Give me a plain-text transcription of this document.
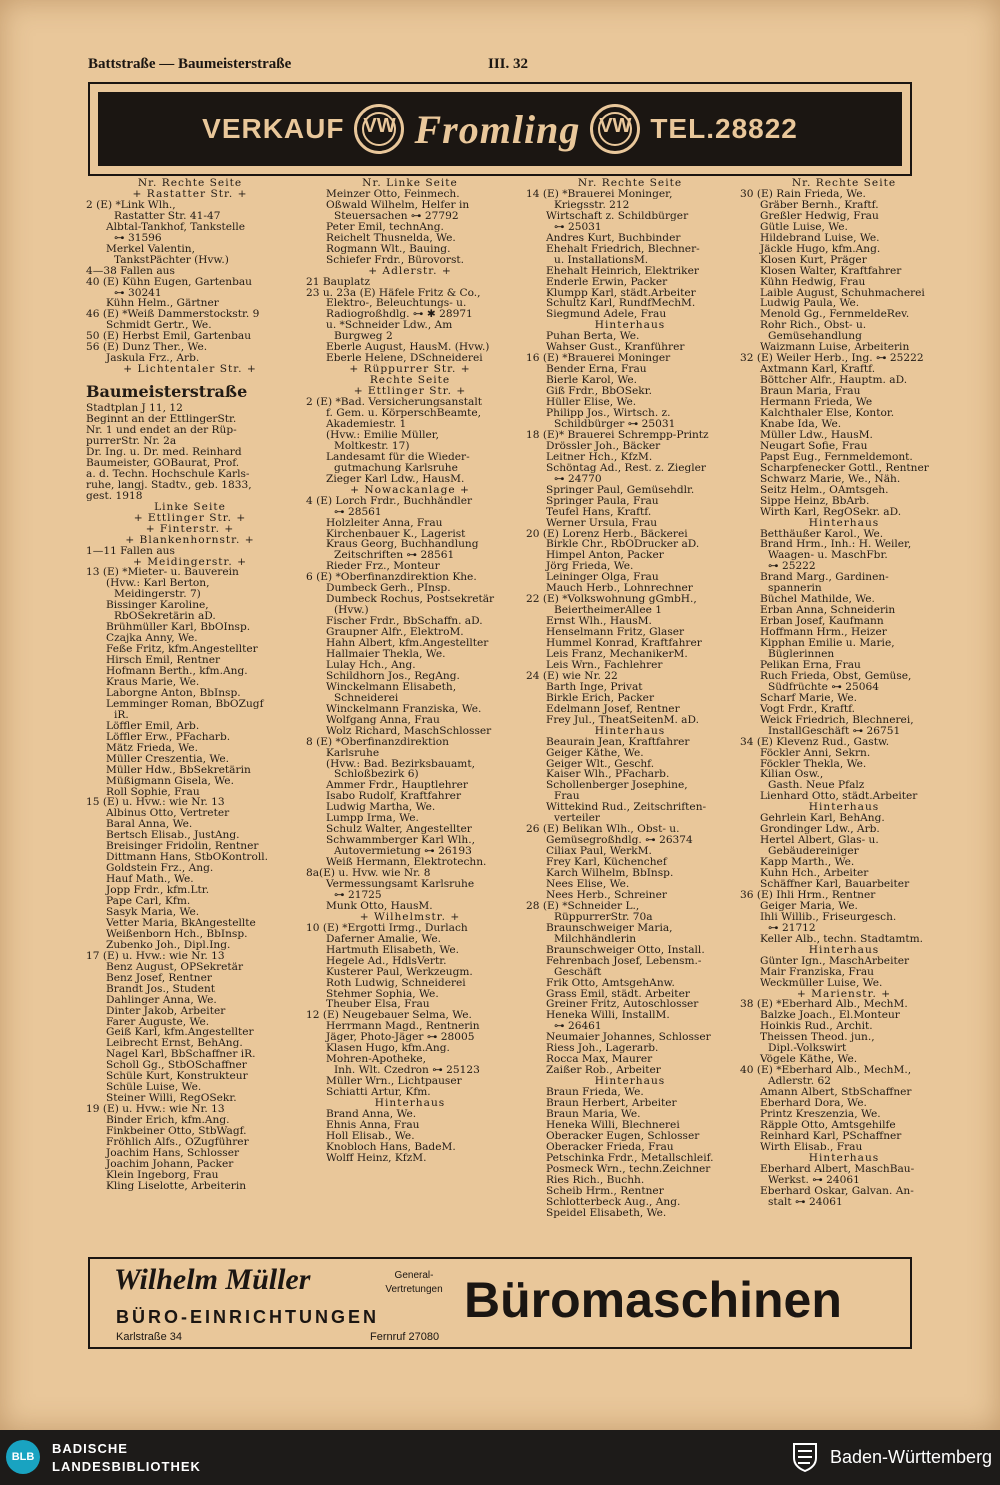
Battstraße — Baumeisterstraße	III. 32
VERKAUF VW Fromling VW TEL.28822
Nr. Rechte Seite
+ Rastatter Str. +
2 (E) *Link Wlh.,
Rastatter Str. 41-47
Albtal-Tankhof, Tankstelle
⊶ 31596
Merkel Valentin,
TankstPächter (Hvw.)
4—38 Fallen aus
40 (E) Kühn Eugen, Gartenbau
⊶ 30241
Kühn Helm., Gärtner
46 (E) *Weiß Dammerstockstr. 9
Schmidt Gertr., We.
50 (E) Herbst Emil, Gartenbau
56 (E) Dunz Ther., We.
Jaskula Frz., Arb.
+ Lichtentaler Str. +
Baumeisterstraße
Stadtplan J 11, 12
Beginnt an der EttlingerStr.
Nr. 1 und endet an der Rüp-
purrerStr. Nr. 2a
Dr. Ing. u. Dr. med. Reinhard
Baumeister, GOBaurat, Prof.
a. d. Techn. Hochschule Karls-
ruhe, langj. Stadtv., geb. 1833,
gest. 1918
Linke Seite
+ Ettlinger Str. +
+ Finterstr. +
+ Blankenhornstr. +
1—11 Fallen aus
+ Meidingerstr. +
13 (E) *Mieter- u. Bauverein
(Hvw.: Karl Berton,
Meidingerstr. 7)
Bissinger Karoline,
RbOSekretärin aD.
Brühmüller Karl, BbOInsp.
Czajka Anny, We.
Feße Fritz, kfm.Angestellter
Hirsch Emil, Rentner
Hofmann Berth., kfm.Ang.
Kraus Marie, We.
Laborgne Anton, BbInsp.
Lemminger Roman, BbOZugf
iR.
Löffler Emil, Arb.
Löffler Erw., PFacharb.
Mätz Frieda, We.
Müller Creszentia, We.
Müller Hdw., BbSekretärin
Müßigmann Gisela, We.
Roll Sophie, Frau
15 (E) u. Hvw.: wie Nr. 13
Albinus Otto, Vertreter
Baral Anna, We.
Bertsch Elisab., JustAng.
Breisinger Fridolin, Rentner
Dittmann Hans, StbOKontroll.
Goldstein Frz., Ang.
Hauf Math., We.
Jopp Frdr., kfm.Ltr.
Pape Carl, Kfm.
Sasyk Maria, We.
Vetter Maria, BkAngestellte
Weißenborn Hch., BbInsp.
Zubenko Joh., Dipl.Ing.
17 (E) u. Hvw.: wie Nr. 13
Benz August, OPSekretär
Benz Josef, Rentner
Brandt Jos., Student
Dahlinger Anna, We.
Dinter Jakob, Arbeiter
Farer Auguste, We.
Geiß Karl, kfm.Angestellter
Leibrecht Ernst, BehAng.
Nagel Karl, BbSchaffner iR.
Scholl Gg., StbOSchaffner
Schüle Kurt, Konstrukteur
Schüle Luise, We.
Steiner Willi, RegOSekr.
19 (E) u. Hvw.: wie Nr. 13
Binder Erich, kfm.Ang.
Finkbeiner Otto, StbWagf.
Fröhlich Alfs., OZugführer
Joachim Hans, Schlosser
Joachim Johann, Packer
Klein Ingeborg, Frau
Kling Liselotte, Arbeiterin
Nr. Linke Seite
Meinzer Otto, Feinmech.
Oßwald Wilhelm, Helfer in
Steuersachen ⊶ 27792
Peter Emil, technAng.
Reichelt Thusnelda, We.
Rogmann Wlt., Bauing.
Schiefer Frdr., Bürovorst.
+ Adlerstr. +
21 Bauplatz
23 u. 23a (E) Häfele Fritz & Co.,
Elektro-, Beleuchtungs- u.
Radiogroßhdlg. ⊶ ✱ 28971
u. *Schneider Ldw., Am
Burgweg 2
Eberle August, HausM. (Hvw.)
Eberle Helene, DSchneiderei
+ Rüppurrer Str. +
Rechte Seite
+ Ettlinger Str. +
2 (E) *Bad. Versicherungsanstalt
f. Gem. u. KörperschBeamte,
Akademiestr. 1
(Hvw.: Emilie Müller,
Moltkestr. 17)
Landesamt für die Wieder-
gutmachung Karlsruhe
Zieger Karl Ldw., HausM.
+ Nowackanlage +
4 (E) Lorch Frdr., Buchhändler
⊶ 28561
Holzleiter Anna, Frau
Kirchenbauer K., Lagerist
Kraus Georg, Buchhandlung
Zeitschriften ⊶ 28561
Rieder Frz., Monteur
6 (E) *Oberfinanzdirektion Khe.
Dumbeck Gerh., PInsp.
Dumbeck Rochus, Postsekretär
(Hvw.)
Fischer Frdr., BbSchaffn. aD.
Graupner Alfr., ElektroM.
Hahn Albert, kfm.Angestellter
Hallmaier Thekla, We.
Lulay Hch., Ang.
Schildhorn Jos., RegAng.
Winckelmann Elisabeth,
Schneiderei
Winckelmann Franziska, We.
Wolfgang Anna, Frau
Wolz Richard, MaschSchlosser
8 (E) *Oberfinanzdirektion
Karlsruhe
(Hvw.: Bad. Bezirksbauamt,
Schloßbezirk 6)
Ammer Frdr., Hauptlehrer
Isabo Rudolf, Kraftfahrer
Ludwig Martha, We.
Lumpp Irma, We.
Schulz Walter, Angestellter
Schwammberger Karl Wlh.,
Autovermietung ⊶ 26193
Weiß Hermann, Elektrotechn.
8a(E) u. Hvw. wie Nr. 8
Vermessungsamt Karlsruhe
⊶ 21725
Munk Otto, HausM.
+ Wilhelmstr. +
10 (E) *Ergotti Irmg., Durlach
Daferner Amalie, We.
Hartmuth Elisabeth, We.
Hegele Ad., HdlsVertr.
Kusterer Paul, Werkzeugm.
Roth Ludwig, Schneiderei
Stehmer Sophia, We.
Theuber Elsa, Frau
12 (E) Neugebauer Selma, We.
Herrmann Magd., Rentnerin
Jäger, Photo-Jäger ⊶ 28005
Klasen Hugo, kfm.Ang.
Mohren-Apotheke,
Inh. Wlt. Czedron ⊶ 25123
Müller Wrn., Lichtpauser
Schiatti Artur, Kfm.
Hinterhaus
Brand Anna, We.
Ehnis Anna, Frau
Holl Elisab., We.
Knobloch Hans, BadeM.
Wolff Heinz, KfzM.
Nr. Rechte Seite
14 (E) *Brauerei Moninger,
Kriegsstr. 212
Wirtschaft z. Schildbürger
⊶ 25031
Andres Kurt, Buchbinder
Ehehalt Friedrich, Blechner-
u. InstallationsM.
Ehehalt Heinrich, Elektriker
Enderle Erwin, Packer
Klumpp Karl, städt.Arbeiter
Schultz Karl, RundfMechM.
Siegmund Adele, Frau
Hinterhaus
Puhan Berta, We.
Wahser Gust., Kranführer
16 (E) *Brauerei Moninger
Bender Erna, Frau
Bierle Karol, We.
Giß Frdr., BbOSekr.
Hüller Elise, We.
Philipp Jos., Wirtsch. z.
Schildbürger ⊶ 25031
18 (E)* Brauerei Schrempp-Printz
Drössler Joh., Bäcker
Leitner Hch., KfzM.
Schöntag Ad., Rest. z. Ziegler
⊶ 24770
Springer Paul, Gemüsehdlr.
Springer Paula, Frau
Teufel Hans, Kraftf.
Werner Ursula, Frau
20 (E) Lorenz Herb., Bäckerei
Birkle Chr., RbODrucker aD.
Himpel Anton, Packer
Jörg Frieda, We.
Leininger Olga, Frau
Mauch Herb., Lohnrechner
22 (E) *Volkswohnung gGmbH.,
BeiertheimerAllee 1
Ernst Wlh., HausM.
Henselmann Fritz, Glaser
Hummel Konrad, Kraftfahrer
Leis Franz, MechanikerM.
Leis Wrn., Fachlehrer
24 (E) wie Nr. 22
Barth Inge, Privat
Birkle Erich, Packer
Edelmann Josef, Rentner
Frey Jul., TheatSeitenM. aD.
Hinterhaus
Beaurain Jean, Kraftfahrer
Geiger Käthe, We.
Geiger Wlt., Geschf.
Kaiser Wlh., PFacharb.
Schollenberger Josephine,
Frau
Wittekind Rud., Zeitschriften-
verteiler
26 (E) Belikan Wlh., Obst- u.
Gemüsegroßhdlg. ⊶ 26374
Ciliax Paul, WerkM.
Frey Karl, Küchenchef
Karch Wilhelm, BbInsp.
Nees Elise, We.
Nees Herb., Schreiner
28 (E) *Schneider L.,
RüppurrerStr. 70a
Braunschweiger Maria,
Milchhändlerin
Braunschweiger Otto, Install.
Fehrenbach Josef, Lebensm.-
Geschäft
Frik Otto, AmtsgehAnw.
Grass Emil, städt. Arbeiter
Greiner Fritz, Autoschlosser
Heneka Willi, InstallM.
⊶ 26461
Neumaier Johannes, Schlosser
Riess Joh., Lagerarb.
Rocca Max, Maurer
Zaißer Rob., Arbeiter
Hinterhaus
Braun Frieda, We.
Braun Herbert, Arbeiter
Braun Maria, We.
Heneka Willi, Blechnerei
Oberacker Eugen, Schlosser
Oberacker Frieda, Frau
Petschinka Frdr., Metallschleif.
Posmeck Wrn., techn.Zeichner
Ries Rich., Buchh.
Scheib Hrm., Rentner
Schlotterbeck Aug., Ang.
Speidel Elisabeth, We.
Nr. Rechte Seite
30 (E) Rain Frieda, We.
Gräber Bernh., Kraftf.
Greßler Hedwig, Frau
Gütle Luise, We.
Hildebrand Luise, We.
Jäckle Hugo, kfm.Ang.
Klosen Kurt, Präger
Klosen Walter, Kraftfahrer
Kühn Hedwig, Frau
Laible August, Schuhmacherei
Ludwig Paula, We.
Menold Gg., FernmeldeRev.
Rohr Rich., Obst- u.
Gemüsehandlung
Waizmann Luise, Arbeiterin
32 (E) Weiler Herb., Ing. ⊶ 25222
Axtmann Karl, Kraftf.
Böttcher Alfr., Hauptm. aD.
Braun Maria, Frau
Hermann Frieda, We
Kalchthaler Else, Kontor.
Knabe Ida, We.
Müller Ldw., HausM.
Neugart Sofie, Frau
Papst Eug., Fernmeldemont.
Scharpfenecker Gottl., Rentner
Schwarz Marie, We., Näh.
Seitz Helm., OAmtsgeh.
Sippe Heinz, BbArb.
Wirth Karl, RegOSekr. aD.
Hinterhaus
Betthäußer Karol., We.
Brand Hrm., Inh.: H. Weiler,
Waagen- u. MaschFbr.
⊶ 25222
Brand Marg., Gardinen-
spannerin
Büchel Mathilde, We.
Erban Anna, Schneiderin
Erban Josef, Kaufmann
Hoffmann Hrm., Heizer
Kipphan Emilie u. Marie,
Büglerinnen
Pelikan Erna, Frau
Ruch Frieda, Obst, Gemüse,
Südfrüchte ⊶ 25064
Scharf Marie, We.
Vogt Frdr., Kraftf.
Weick Friedrich, Blechnerei,
InstallGeschäft ⊶ 26751
34 (E) Klevenz Rud., Gastw.
Föckler Anni, Sekrn.
Föckler Thekla, We.
Kilian Osw.,
Gasth. Neue Pfalz
Lienhard Otto, städt.Arbeiter
Hinterhaus
Gehrlein Karl, BehAng.
Grondinger Ldw., Arb.
Hertel Albert, Glas- u.
Gebäudereiniger
Kapp Marth., We.
Kuhn Hch., Arbeiter
Schäffner Karl, Bauarbeiter
36 (E) Ihli Hrm., Rentner
Geiger Maria, We.
Ihli Willib., Friseurgesch.
⊶ 21712
Keller Alb., techn. Stadtamtm.
Hinterhaus
Günter Ign., MaschArbeiter
Mair Franziska, Frau
Weckmüller Luise, We.
+ Marienstr. +
38 (E) *Eberhard Alb., MechM.
Balzke Joach., El.Monteur
Hoinkis Rud., Archit.
Theissen Theod. jun.,
Dipl.-Volkswirt
Vögele Käthe, We.
40 (E) *Eberhard Alb., MechM.,
Adlerstr. 62
Amann Albert, StbSchaffner
Eberhard Dora, We.
Printz Kreszenzia, We.
Räpple Otto, Amtsgehilfe
Reinhard Karl, PSchaffner
Wirth Elisab., Frau
Hinterhaus
Eberhard Albert, MaschBau-
Werkst. ⊶ 24061
Eberhard Oskar, Galvan. An-
stalt ⊶ 24061
Wilhelm Müller	General-
Vertretungen
BÜRO-EINRICHTUNGEN
Karlstraße 34	Fernruf 27080
Büromaschinen
BLB
BADISCHE
LANDESBIBLIOTHEK	Baden-Württemberg
